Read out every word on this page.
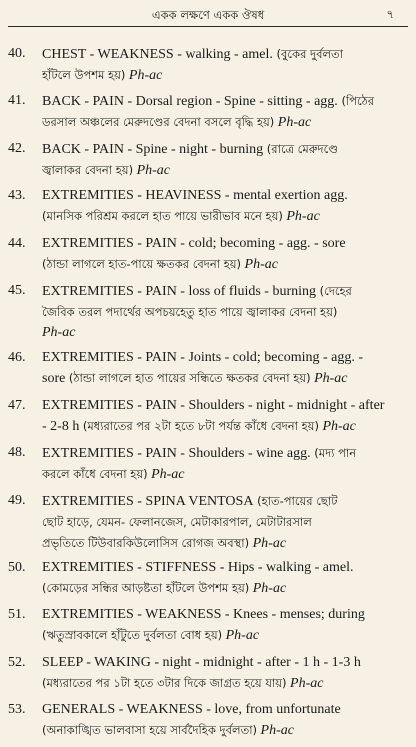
একক লক্ষণে একক ঔষধ	৭
40.	CHEST - WEAKNESS - walking - amel. (বুকের দুর্বলতা
হাঁটলে উপশম হয়) Ph-ac
41.	BACK - PAIN - Dorsal region - Spine - sitting - agg. (পিঠের
ডরসাল অঞ্চলের মেরুদণ্ডের বেদনা বসলে বৃদ্ধি হয়) Ph-ac
42.	BACK - PAIN - Spine - night - burning (রাত্রে মেরুদণ্ডে
জ্বালাকর বেদনা হয়) Ph-ac
43.	EXTREMITIES - HEAVINESS - mental exertion agg.
(মানসিক পরিশ্রম করলে হাত পায়ে ভারীভাব মনে হয়) Ph-ac
44.	EXTREMITIES - PAIN - cold; becoming - agg. - sore
(ঠান্ডা লাগলে হাত-পায়ে ক্ষতকর বেদনা হয়) Ph-ac
45.	EXTREMITIES - PAIN - loss of fluids - burning (দেহের
জৈবিক তরল পদার্থের অপচয়হেতু হাত পায়ে জ্বালাকর বেদনা হয়)
Ph-ac
46.	EXTREMITIES - PAIN - Joints - cold; becoming - agg. -
sore (ঠান্ডা লাগলে হাত পায়ের সন্ধিতে ক্ষতকর বেদনা হয়) Ph-ac
47.	EXTREMITIES - PAIN - Shoulders - night - midnight - after
- 2-8 h (মধ্যরাতের পর ২টা হতে ৮টা পর্যন্ত কাঁধে বেদনা হয়) Ph-ac
48.	EXTREMITIES - PAIN - Shoulders - wine agg. (মদ্য পান
করলে কাঁধে বেদনা হয়) Ph-ac
49.	EXTREMITIES - SPINA VENTOSA (হাত-পায়ের ছোট
ছোট হাড়ে, যেমন- ফেলানজেস, মেটাকারপাল, মেটাটারসাল
প্রভৃতিতে টিউবারকিউলোসিস রোগজ অবস্থা) Ph-ac
50.	EXTREMITIES - STIFFNESS - Hips - walking - amel.
(কোমড়ের সন্ধির আড়ষ্টতা হাঁটলে উপশম হয়) Ph-ac
51.	EXTREMITIES - WEAKNESS - Knees - menses; during
(ঋতুস্রাবকালে হাঁটুতে দুর্বলতা বোধ হয়) Ph-ac
52.	SLEEP - WAKING - night - midnight - after - 1 h - 1-3 h
(মধ্যরাতের পর ১টা হতে ৩টার দিকে জাগ্রত হয়ে যায়) Ph-ac
53.	GENERALS - WEAKNESS - love, from unfortunate
(অনাকাঙ্খিত ভালবাসা হয়ে সার্বদৈহিক দুর্বলতা) Ph-ac
